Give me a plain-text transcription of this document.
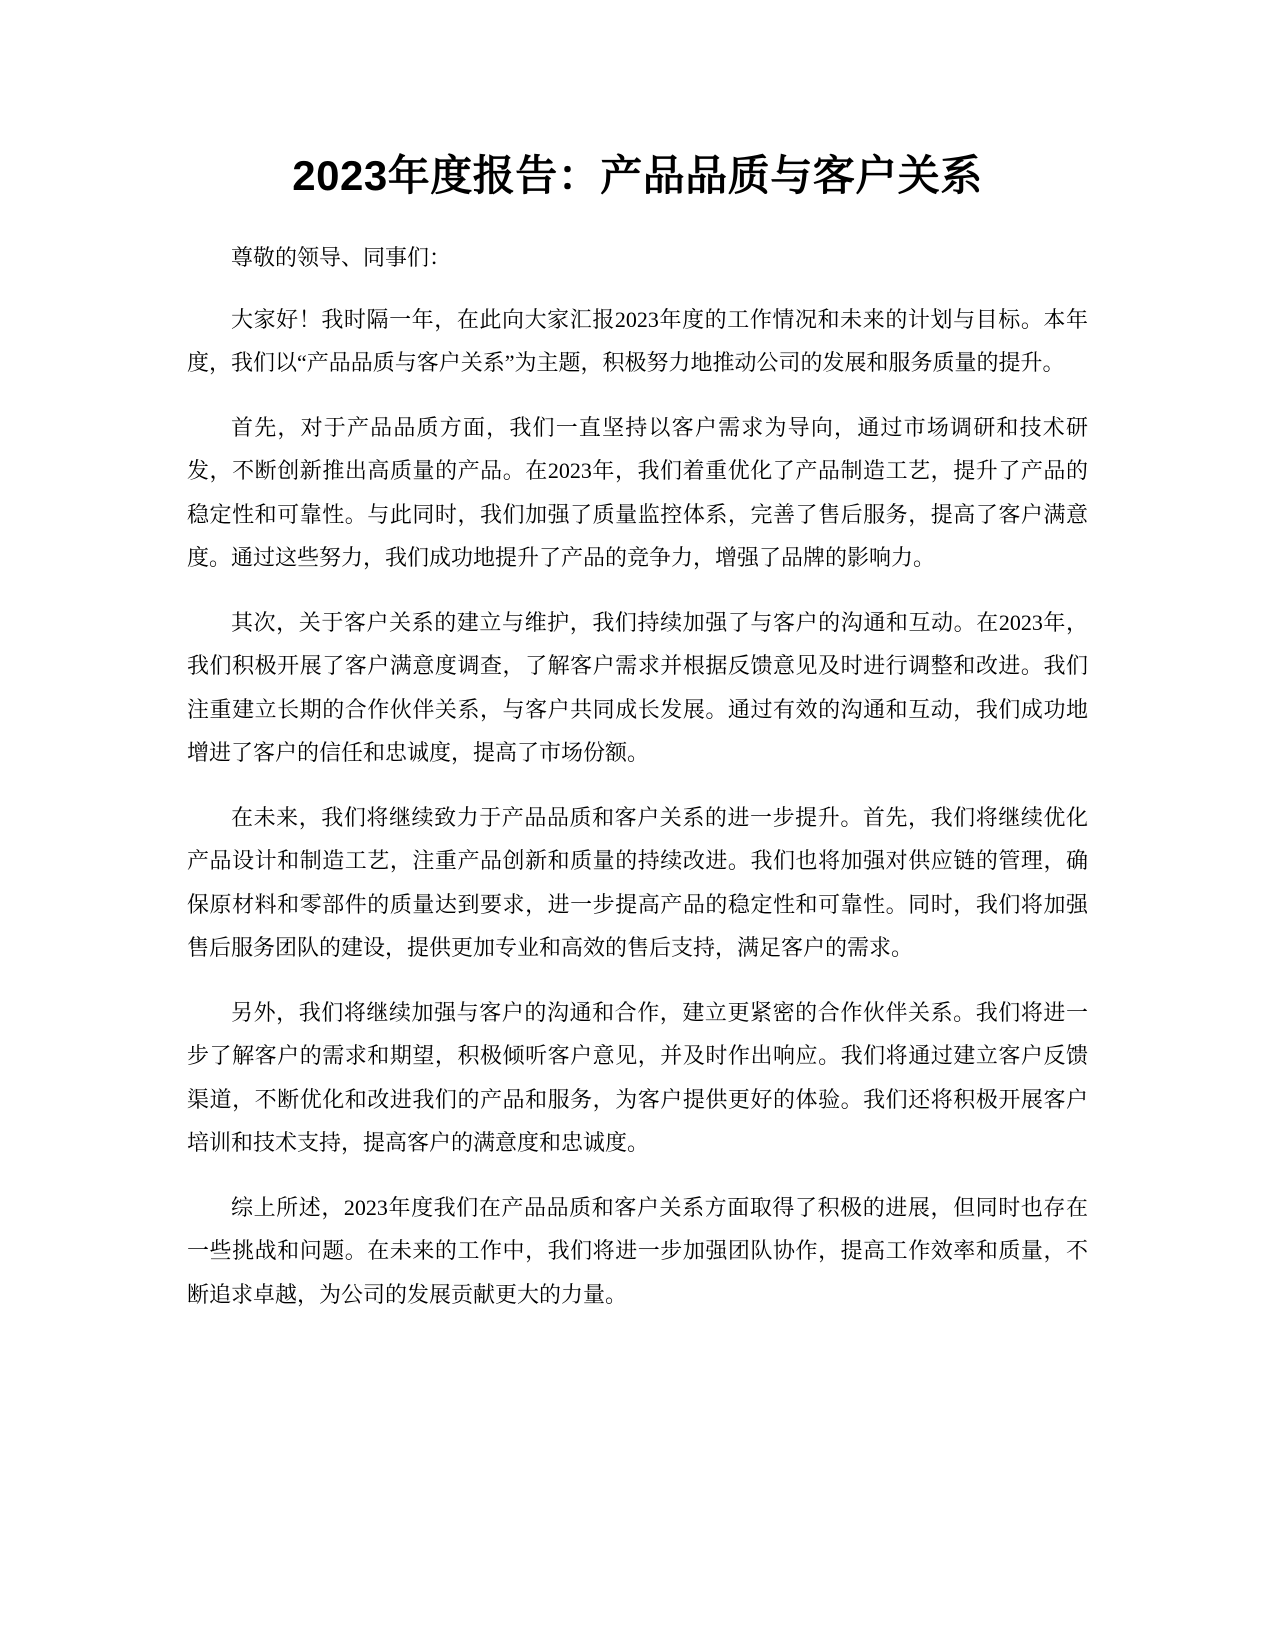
2023年度报告：产品品质与客户关系

尊敬的领导、同事们：

大家好！我时隔一年，在此向大家汇报2023年度的工作情况和未来的计划与目标。本年度，我们以“产品品质与客户关系”为主题，积极努力地推动公司的发展和服务质量的提升。

首先，对于产品品质方面，我们一直坚持以客户需求为导向，通过市场调研和技术研发，不断创新推出高质量的产品。在2023年，我们着重优化了产品制造工艺，提升了产品的稳定性和可靠性。与此同时，我们加强了质量监控体系，完善了售后服务，提高了客户满意度。通过这些努力，我们成功地提升了产品的竞争力，增强了品牌的影响力。

其次，关于客户关系的建立与维护，我们持续加强了与客户的沟通和互动。在2023年，我们积极开展了客户满意度调查，了解客户需求并根据反馈意见及时进行调整和改进。我们注重建立长期的合作伙伴关系，与客户共同成长发展。通过有效的沟通和互动，我们成功地增进了客户的信任和忠诚度，提高了市场份额。

在未来，我们将继续致力于产品品质和客户关系的进一步提升。首先，我们将继续优化产品设计和制造工艺，注重产品创新和质量的持续改进。我们也将加强对供应链的管理，确保原材料和零部件的质量达到要求，进一步提高产品的稳定性和可靠性。同时，我们将加强售后服务团队的建设，提供更加专业和高效的售后支持，满足客户的需求。

另外，我们将继续加强与客户的沟通和合作，建立更紧密的合作伙伴关系。我们将进一步了解客户的需求和期望，积极倾听客户意见，并及时作出响应。我们将通过建立客户反馈渠道，不断优化和改进我们的产品和服务，为客户提供更好的体验。我们还将积极开展客户培训和技术支持，提高客户的满意度和忠诚度。

综上所述，2023年度我们在产品品质和客户关系方面取得了积极的进展，但同时也存在一些挑战和问题。在未来的工作中，我们将进一步加强团队协作，提高工作效率和质量，不断追求卓越，为公司的发展贡献更大的力量。
